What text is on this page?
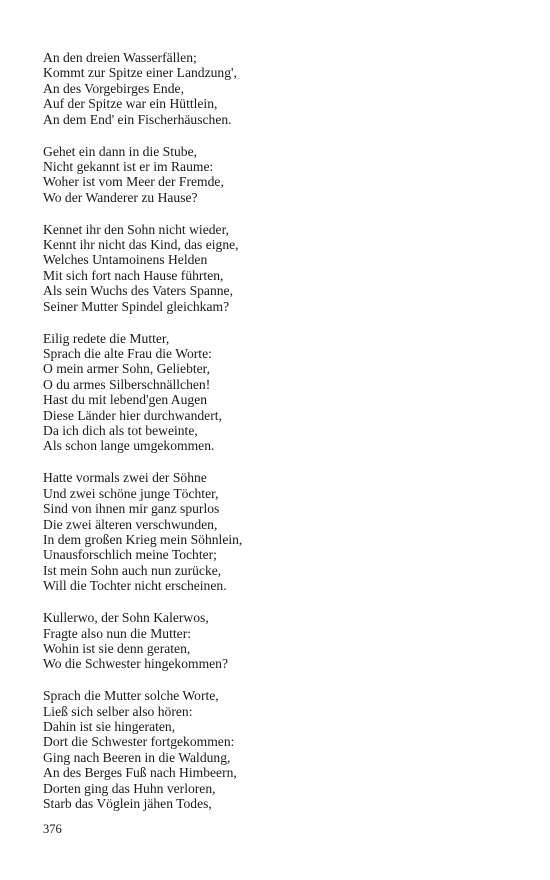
An den dreien Wasserfällen;
Kommt zur Spitze einer Landzung',
An des Vorgebirges Ende,
Auf der Spitze war ein Hüttlein,
An dem End' ein Fischerhäuschen.
Gehet ein dann in die Stube,
Nicht gekannt ist er im Raume:
Woher ist vom Meer der Fremde,
Wo der Wanderer zu Hause?
Kennet ihr den Sohn nicht wieder,
Kennt ihr nicht das Kind, das eigne,
Welches Untamoinens Helden
Mit sich fort nach Hause führten,
Als sein Wuchs des Vaters Spanne,
Seiner Mutter Spindel gleichkam?
Eilig redete die Mutter,
Sprach die alte Frau die Worte:
O mein armer Sohn, Geliebter,
O du armes Silberschnällchen!
Hast du mit lebend'gen Augen
Diese Länder hier durchwandert,
Da ich dich als tot beweinte,
Als schon lange umgekommen.
Hatte vormals zwei der Söhne
Und zwei schöne junge Töchter,
Sind von ihnen mir ganz spurlos
Die zwei älteren verschwunden,
In dem großen Krieg mein Söhnlein,
Unausforschlich meine Tochter;
Ist mein Sohn auch nun zurücke,
Will die Tochter nicht erscheinen.
Kullerwo, der Sohn Kalerwos,
Fragte also nun die Mutter:
Wohin ist sie denn geraten,
Wo die Schwester hingekommen?
Sprach die Mutter solche Worte,
Ließ sich selber also hören:
Dahin ist sie hingeraten,
Dort die Schwester fortgekommen:
Ging nach Beeren in die Waldung,
An des Berges Fuß nach Himbeern,
Dorten ging das Huhn verloren,
Starb das Vöglein jähen Todes,
376
